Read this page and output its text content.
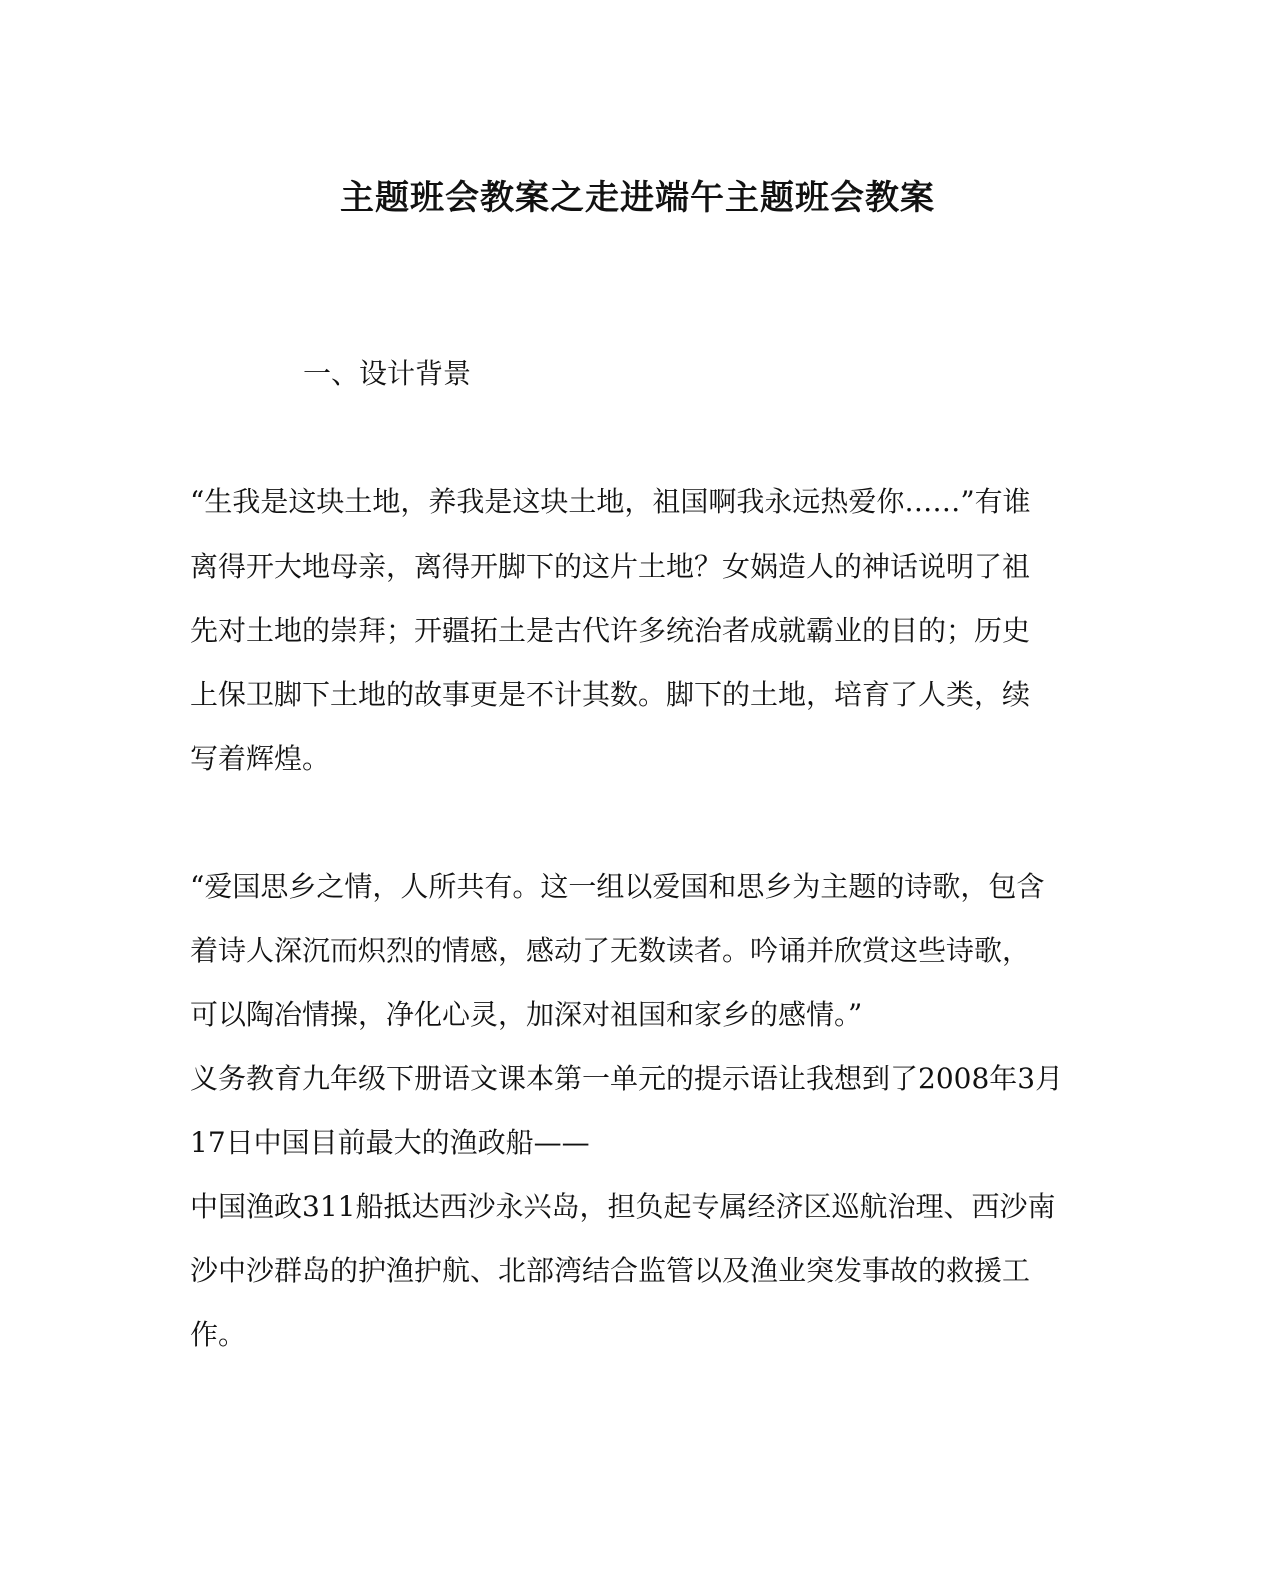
主题班会教案之走进端午主题班会教案

一、设计背景

“生我是这块土地，养我是这块土地，祖国啊我永远热爱你……”有谁

离得开大地母亲，离得开脚下的这片土地？女娲造人的神话说明了祖

先对土地的崇拜；开疆拓土是古代许多统治者成就霸业的目的；历史

上保卫脚下土地的故事更是不计其数。脚下的土地，培育了人类，续

写着辉煌。

“爱国思乡之情，人所共有。这一组以爱国和思乡为主题的诗歌，包含

着诗人深沉而炽烈的情感，感动了无数读者。吟诵并欣赏这些诗歌，

可以陶冶情操，净化心灵，加深对祖国和家乡的感情。”

义务教育九年级下册语文课本第一单元的提示语让我想到了2008年3月

17日中国目前最大的渔政船——

中国渔政311船抵达西沙永兴岛，担负起专属经济区巡航治理、西沙南

沙中沙群岛的护渔护航、北部湾结合监管以及渔业突发事故的救援工

作。
